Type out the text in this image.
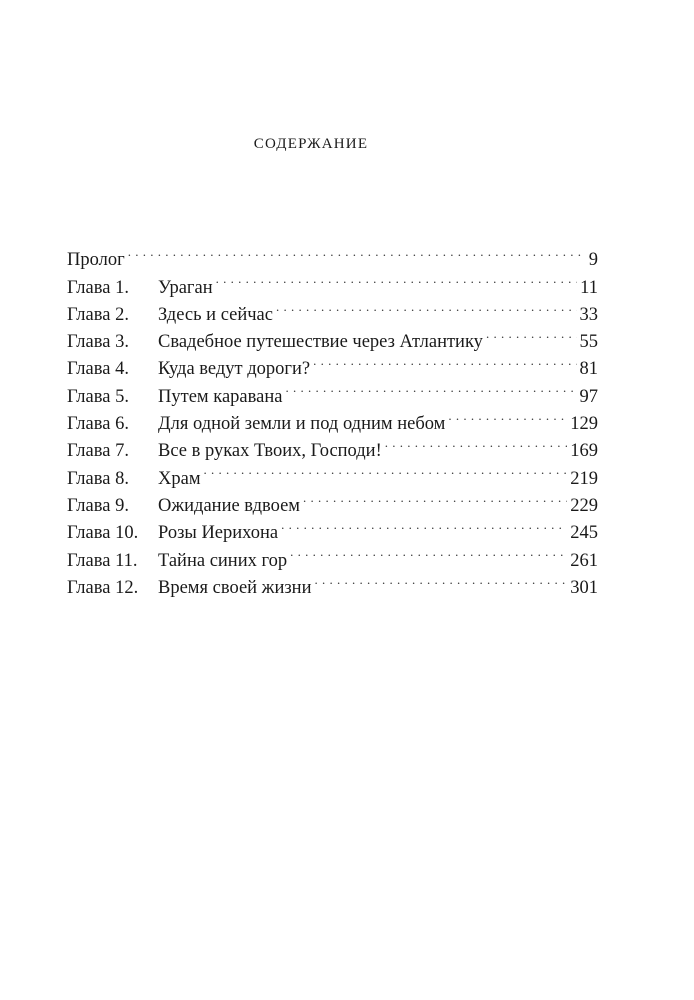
СОДЕРЖАНИЕ
Пролог . . .	9
Глава 1.	Ураган . . .	11
Глава 2.	Здесь и сейчас . . .	33
Глава 3.	Свадебное путешествие через Атлантику . . .	55
Глава 4.	Куда ведут дороги? . . .	81
Глава 5.	Путем каравана . . .	97
Глава 6.	Для одной земли и под одним небом . . .	129
Глава 7.	Все в руках Твоих, Господи! . . .	169
Глава 8.	Храм . . .	219
Глава 9.	Ожидание вдвоем . . .	229
Глава 10.	Розы Иерихона . . .	245
Глава 11.	Тайна синих гор . . .	261
Глава 12.	Время своей жизни . . .	301
